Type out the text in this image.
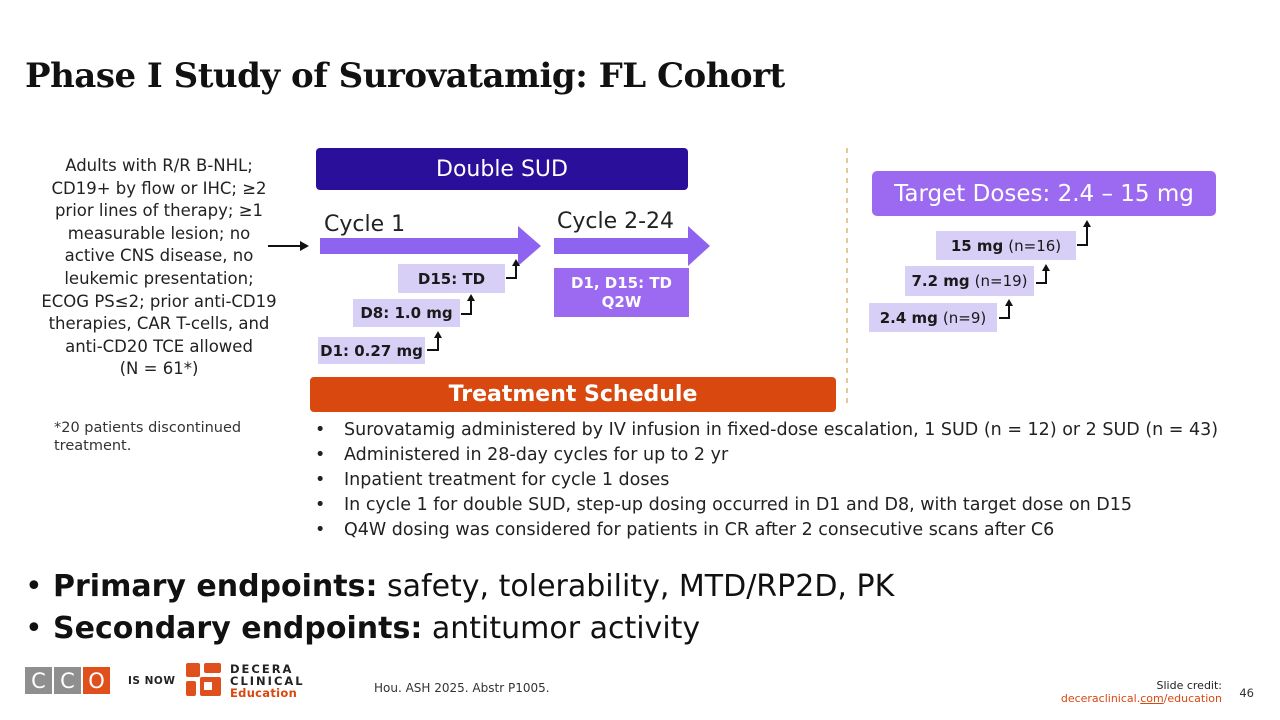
Phase I Study of Surovatamig: FL Cohort
Adults with R/R B-NHL;
CD19+ by flow or IHC; ≥2
prior lines of therapy; ≥1
measurable lesion; no
active CNS disease, no
leukemic presentation;
ECOG PS≤2; prior anti-CD19
therapies, CAR T-cells, and
anti-CD20 TCE allowed
(N = 61*)
*20 patients discontinued treatment.
Double SUD
Cycle 1	Cycle 2-24
D1: 0.27 mg
D8: 1.0 mg
D15: TD	D1, D15: TD
Q2W
Treatment Schedule
Target Doses: 2.4 – 15 mg
2.4 mg (n=9)
7.2 mg (n=19)
15 mg (n=16)
• Surovatamig administered by IV infusion in fixed-dose escalation, 1 SUD (n = 12) or 2 SUD (n = 43)
• Administered in 28-day cycles for up to 2 yr
• Inpatient treatment for cycle 1 doses
• In cycle 1 for double SUD, step-up dosing occurred in D1 and D8, with target dose on D15
• Q4W dosing was considered for patients in CR after 2 consecutive scans after C6
• Primary endpoints: safety, tolerability, MTD/RP2D, PK
• Secondary endpoints: antitumor activity
C C O	IS NOW
DECERA
CLINICAL
Education	Hou. ASH 2025. Abstr P1005.	Slide credit:
deceraclinical.com/education 46
